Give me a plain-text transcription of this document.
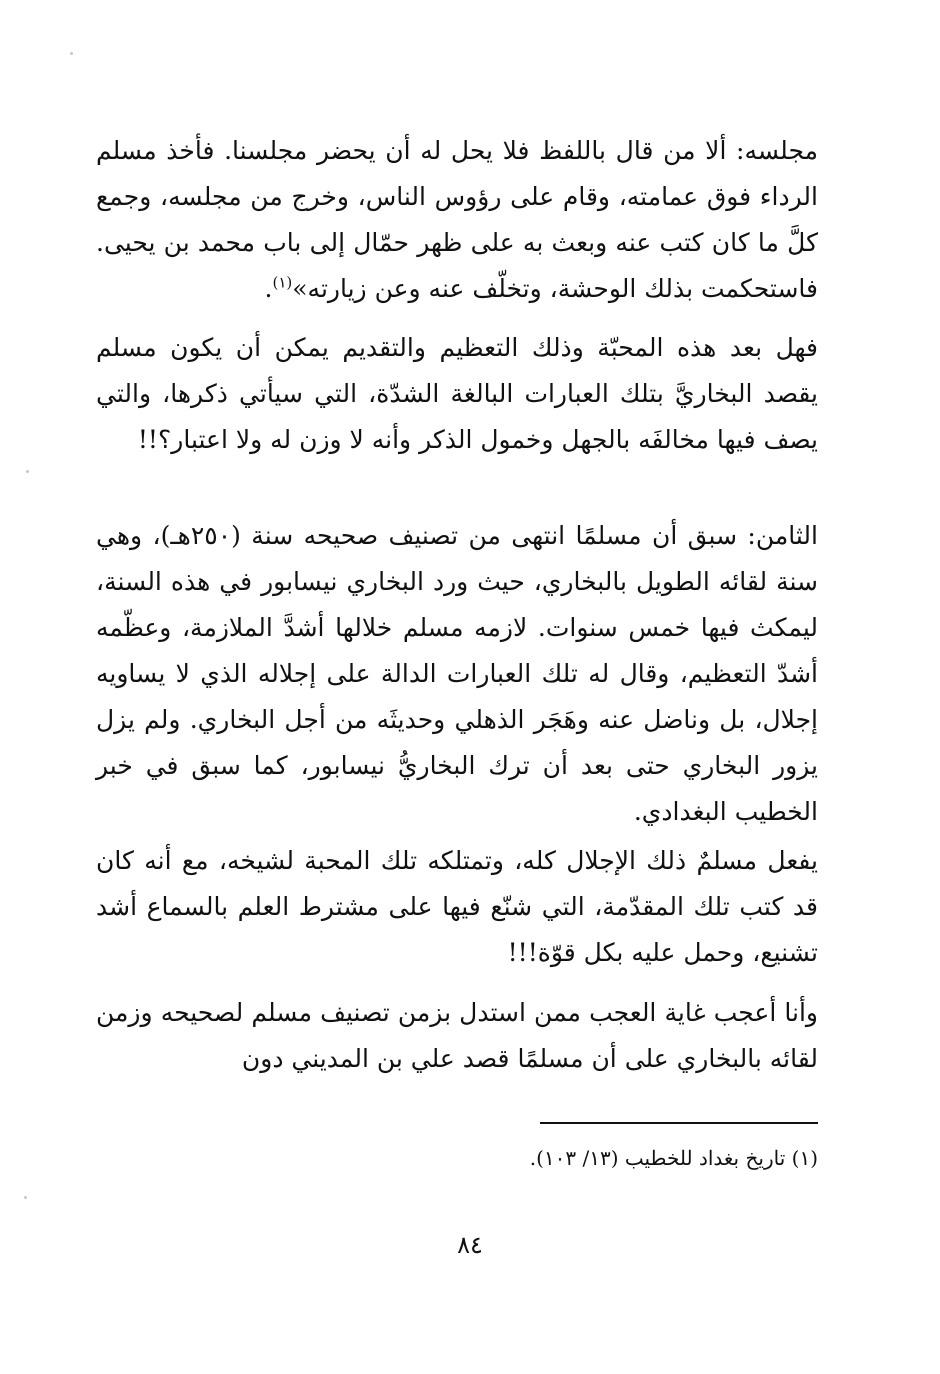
مجلسه: ألا من قال باللفظ فلا يحل له أن يحضر مجلسنا. فأخذ مسلم الرداء فوق عمامته، وقام على رؤوس الناس، وخرج من مجلسه، وجمع كلَّ ما كان كتب عنه وبعث به على ظهر حمّال إلى باب محمد بن يحيى. فاستحكمت بذلك الوحشة، وتخلّف عنه وعن زيارته»$^{(١)}$.

فهل بعد هذه المحبّة وذلك التعظيم والتقديم يمكن أن يكون مسلم يقصد البخاريَّ بتلك العبارات البالغة الشدّة، التي سيأتي ذكرها، والتي يصف فيها مخالفَه بالجهل وخمول الذكر وأنه لا وزن له ولا اعتبار؟!!

الثامن: سبق أن مسلمًا انتهى من تصنيف صحيحه سنة (٢٥٠هـ)، وهي سنة لقائه الطويل بالبخاري، حيث ورد البخاري نيسابور في هذه السنة، ليمكث فيها خمس سنوات. لازمه مسلم خلالها أشدَّ الملازمة، وعظّمه أشدّ التعظيم، وقال له تلك العبارات الدالة على إجلاله الذي لا يساويه إجلال، بل وناضل عنه وهَجَر الذهلي وحديثَه من أجل البخاري. ولم يزل يزور البخاري حتى بعد أن ترك البخاريُّ نيسابور، كما سبق في خبر الخطيب البغدادي.

يفعل مسلمٌ ذلك الإجلال كله، وتمتلكه تلك المحبة لشيخه، مع أنه كان قد كتب تلك المقدّمة، التي شنّع فيها على مشترط العلم بالسماع أشد تشنيع، وحمل عليه بكل قوّة!!!

وأنا أعجب غاية العجب ممن استدل بزمن تصنيف مسلم لصحيحه وزمن لقائه بالبخاري على أن مسلمًا قصد علي بن المديني دون

(١) تاريخ بغداد للخطيب (١٣/ ١٠٣).

٨٤
